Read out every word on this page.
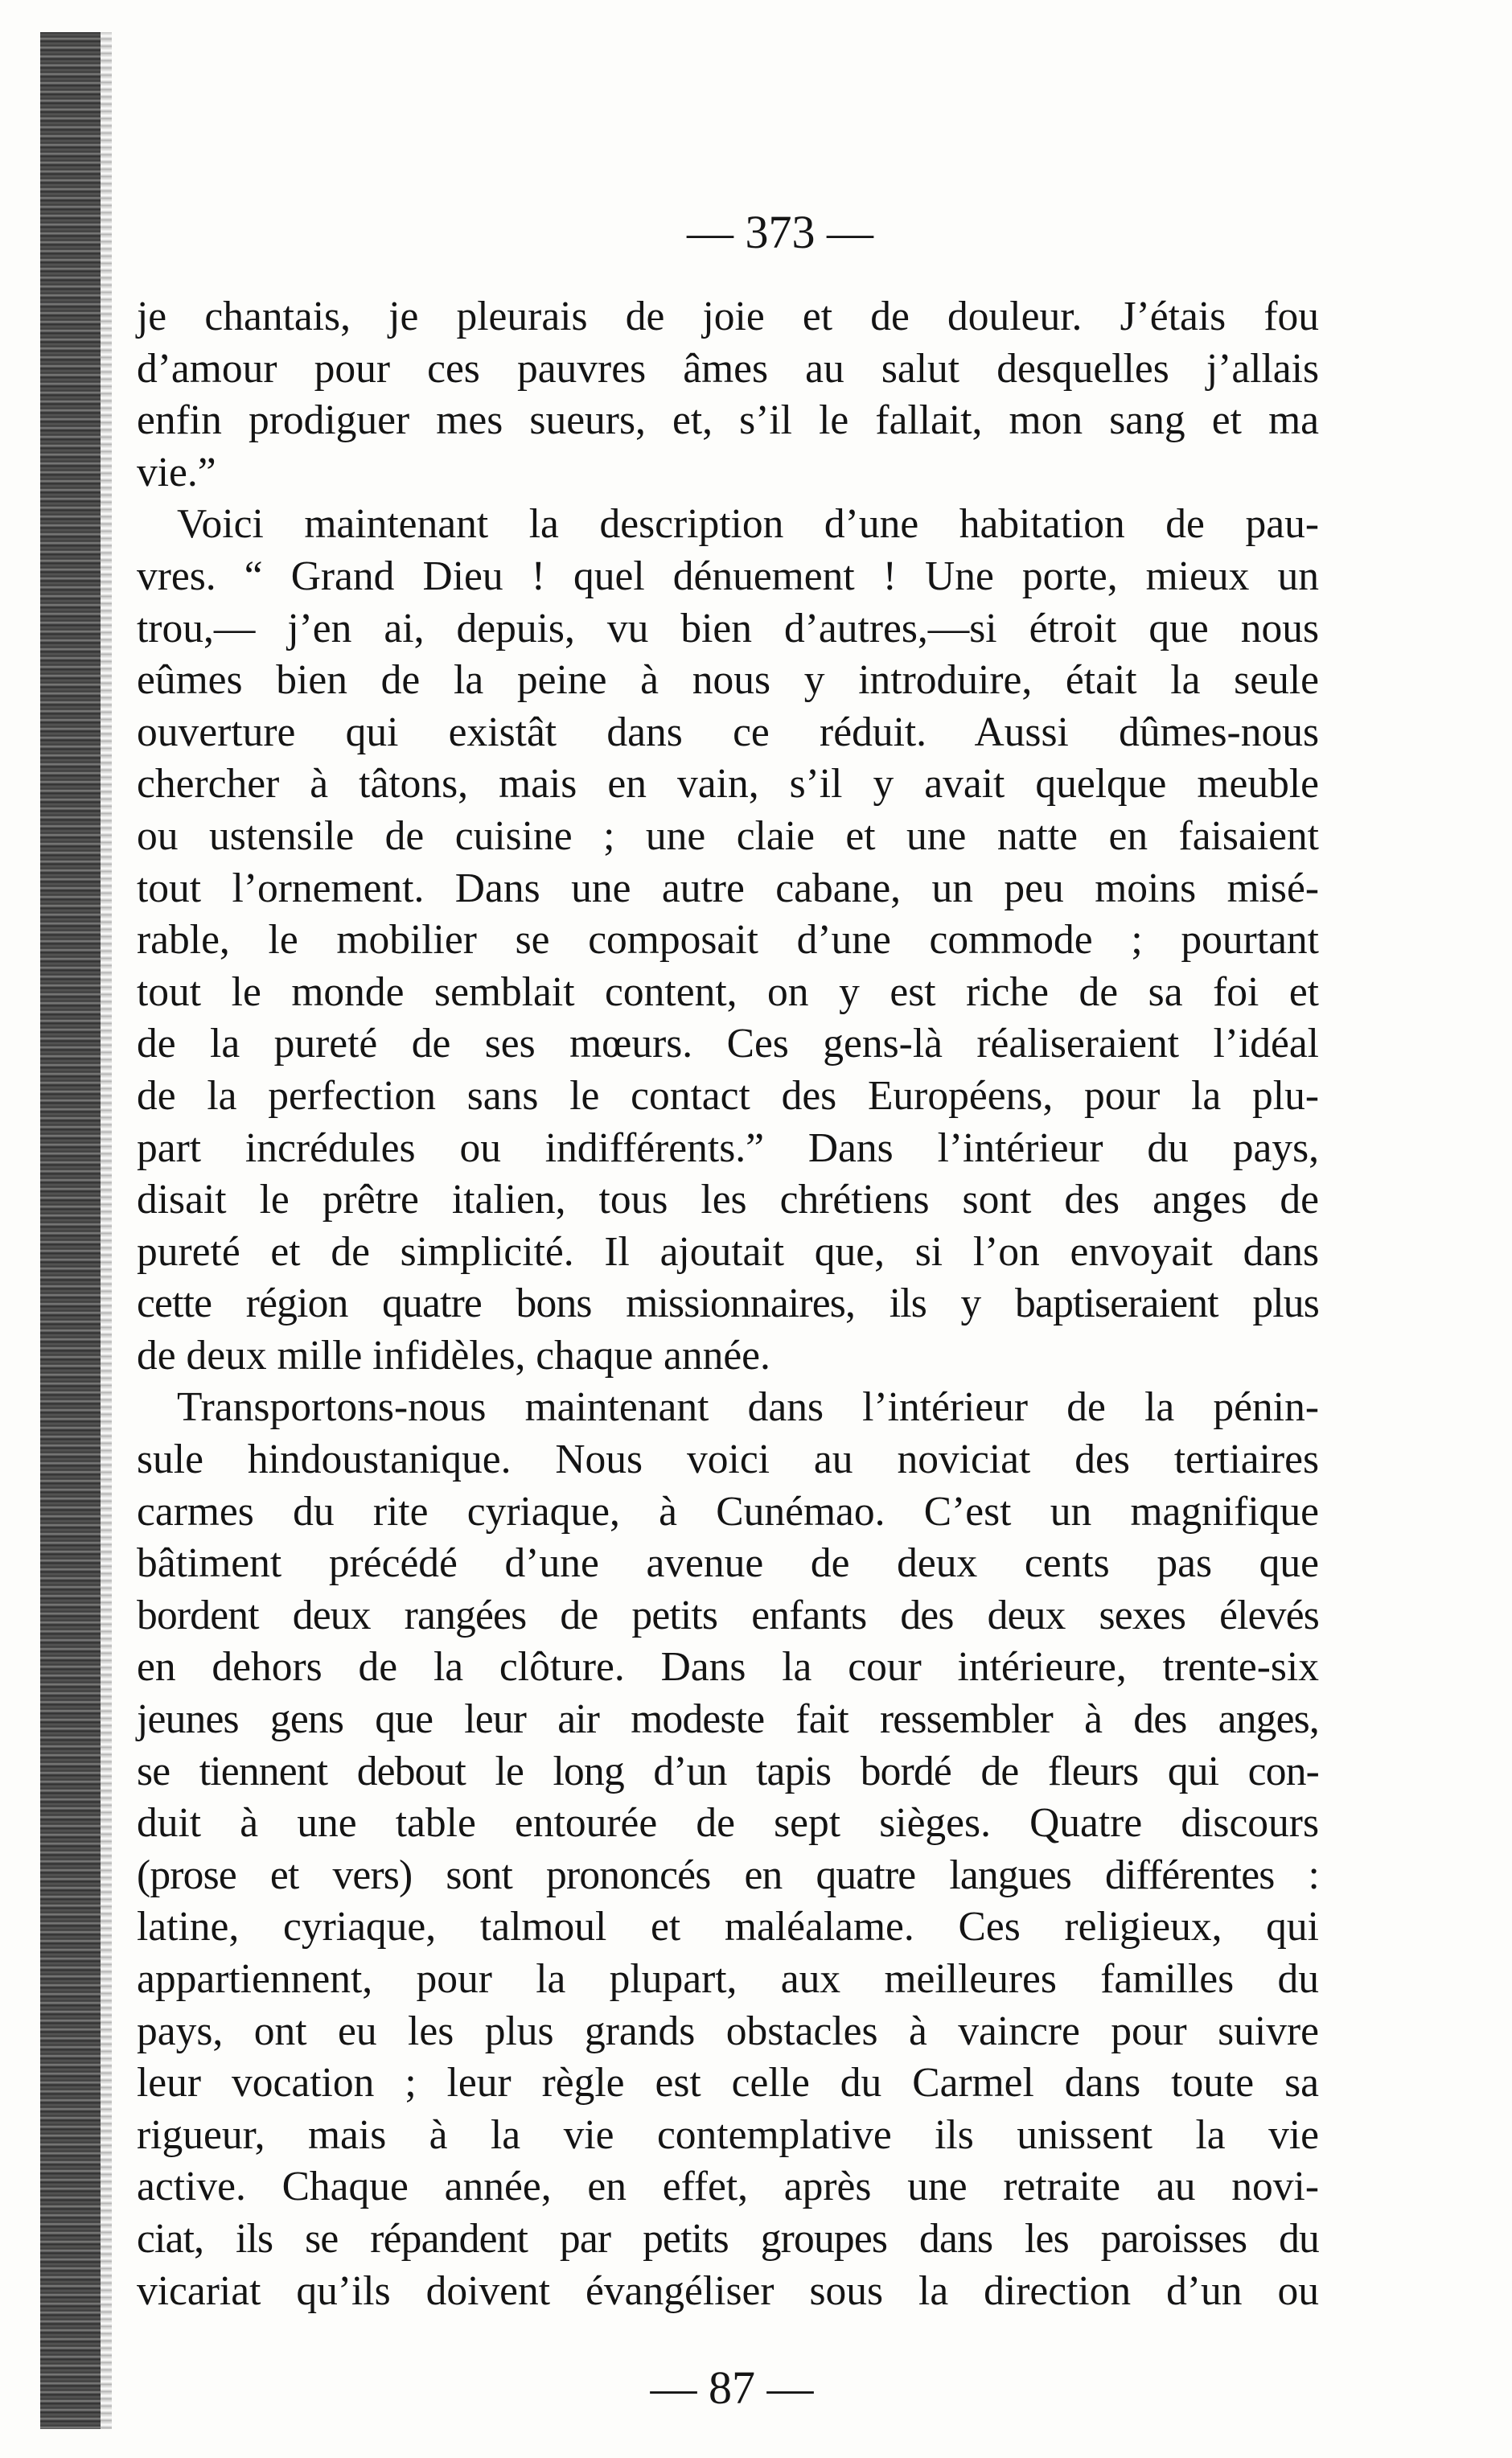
— 373 —
je chantais, je pleurais de joie et de douleur. J’étais fou
d’amour pour ces pauvres âmes au salut desquelles j’allais
enfin prodiguer mes sueurs, et, s’il le fallait, mon sang et ma
vie.”
Voici maintenant la description d’une habitation de pau-
vres. “ Grand Dieu ! quel dénuement ! Une porte, mieux un
trou,— j’en ai, depuis, vu bien d’autres,—si étroit que nous
eûmes bien de la peine à nous y introduire, était la seule
ouverture qui existât dans ce réduit. Aussi dûmes-nous
chercher à tâtons, mais en vain, s’il y avait quelque meuble
ou ustensile de cuisine ; une claie et une natte en faisaient
tout l’ornement. Dans une autre cabane, un peu moins misé-
rable, le mobilier se composait d’une commode ; pourtant
tout le monde semblait content, on y est riche de sa foi et
de la pureté de ses mœurs. Ces gens-là réaliseraient l’idéal
de la perfection sans le contact des Européens, pour la plu-
part incrédules ou indifférents.” Dans l’intérieur du pays,
disait le prêtre italien, tous les chrétiens sont des anges de
pureté et de simplicité. Il ajoutait que, si l’on envoyait dans
cette région quatre bons missionnaires, ils y baptiseraient plus
de deux mille infidèles, chaque année.
Transportons-nous maintenant dans l’intérieur de la pénin-
sule hindoustanique. Nous voici au noviciat des tertiaires
carmes du rite cyriaque, à Cunémao. C’est un magnifique
bâtiment précédé d’une avenue de deux cents pas que
bordent deux rangées de petits enfants des deux sexes élevés
en dehors de la clôture. Dans la cour intérieure, trente-six
jeunes gens que leur air modeste fait ressembler à des anges,
se tiennent debout le long d’un tapis bordé de fleurs qui con-
duit à une table entourée de sept sièges. Quatre discours
(prose et vers) sont prononcés en quatre langues différentes :
latine, cyriaque, talmoul et maléalame. Ces religieux, qui
appartiennent, pour la plupart, aux meilleures familles du
pays, ont eu les plus grands obstacles à vaincre pour suivre
leur vocation ; leur règle est celle du Carmel dans toute sa
rigueur, mais à la vie contemplative ils unissent la vie
active. Chaque année, en effet, après une retraite au novi-
ciat, ils se répandent par petits groupes dans les paroisses du
vicariat qu’ils doivent évangéliser sous la direction d’un ou
— 87 —
